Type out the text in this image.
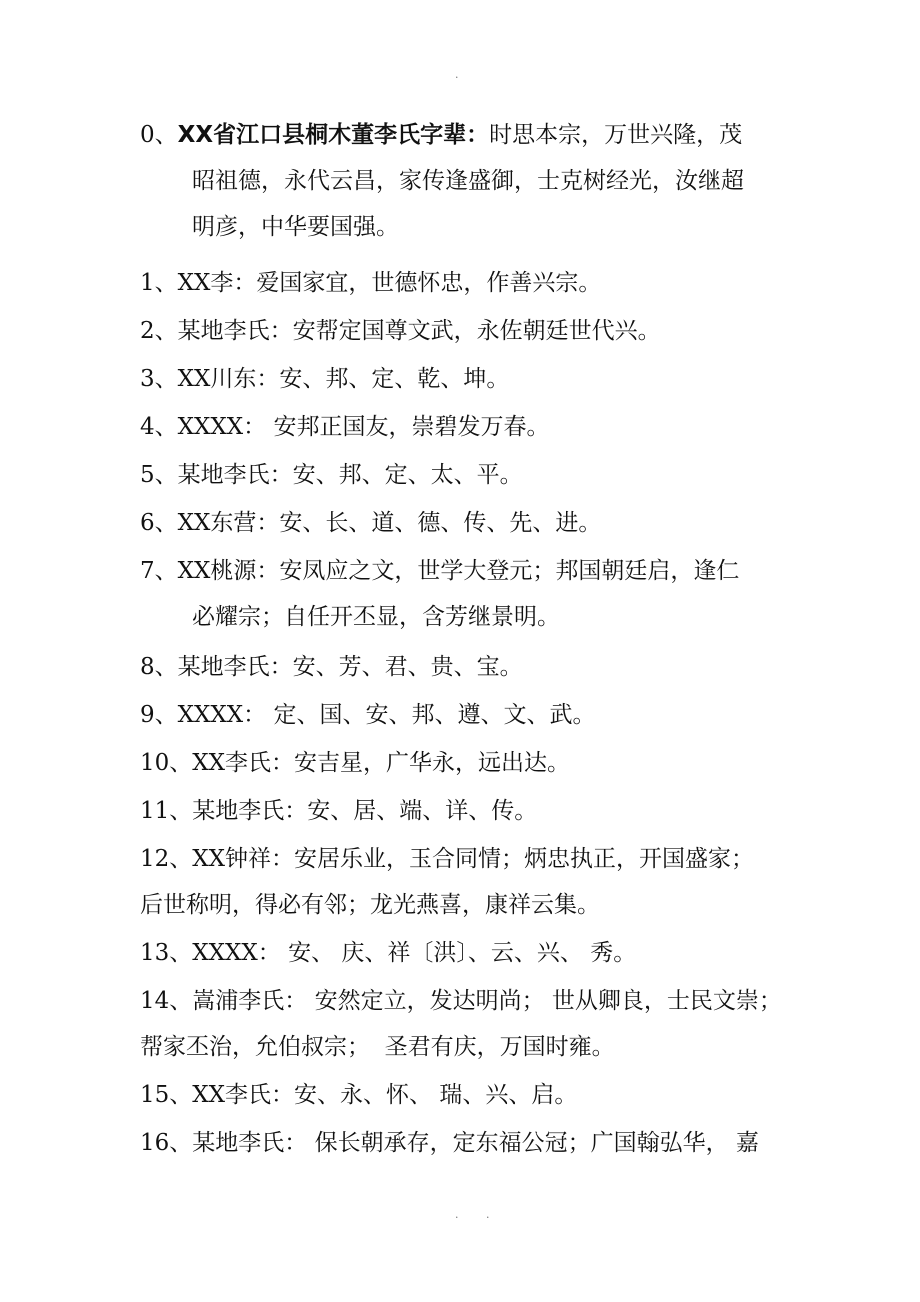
·
0、XX省江口县桐木董李氏字辈：时思本宗，万世兴隆，茂
昭祖德，永代云昌，家传逢盛御，士克树经光，汝继超
明彦，中华要国强。
1、XX李：爱国家宜，世德怀忠，作善兴宗。
2、某地李氏：安帮定国尊文武，永佐朝廷世代兴。
3、XX川东：安、邦、定、乾、坤。
4、XXXX： 安邦正国友，崇碧发万春。
5、某地李氏：安、邦、定、太、平。
6、XX东营：安、长、道、德、传、先、进。
7、XX桃源：安凤应之文，世学大登元；邦国朝廷启，逢仁
必耀宗；自任开丕显，含芳继景明。
8、某地李氏：安、芳、君、贵、宝。
9、XXXX： 定、国、安、邦、遵、文、武。
10、XX李氏：安吉星，广华永，远出达。
11、某地李氏：安、居、端、详、传。
12、XX钟祥：安居乐业，玉合同情；炳忠执正，开国盛家；
后世称明，得必有邻；龙光燕喜，康祥云集。
13、XXXX： 安、 庆、祥〔洪〕、云、兴、 秀。
14、嵩浦李氏： 安然定立，发达明尚； 世从卿良，士民文崇；
帮家丕治，允伯叔宗；  圣君有庆，万国时雍。
15、XX李氏：安、永、怀、 瑞、兴、启。
16、某地李氏： 保长朝承存，定东福公冠；广国翰弘华， 嘉
· ·
